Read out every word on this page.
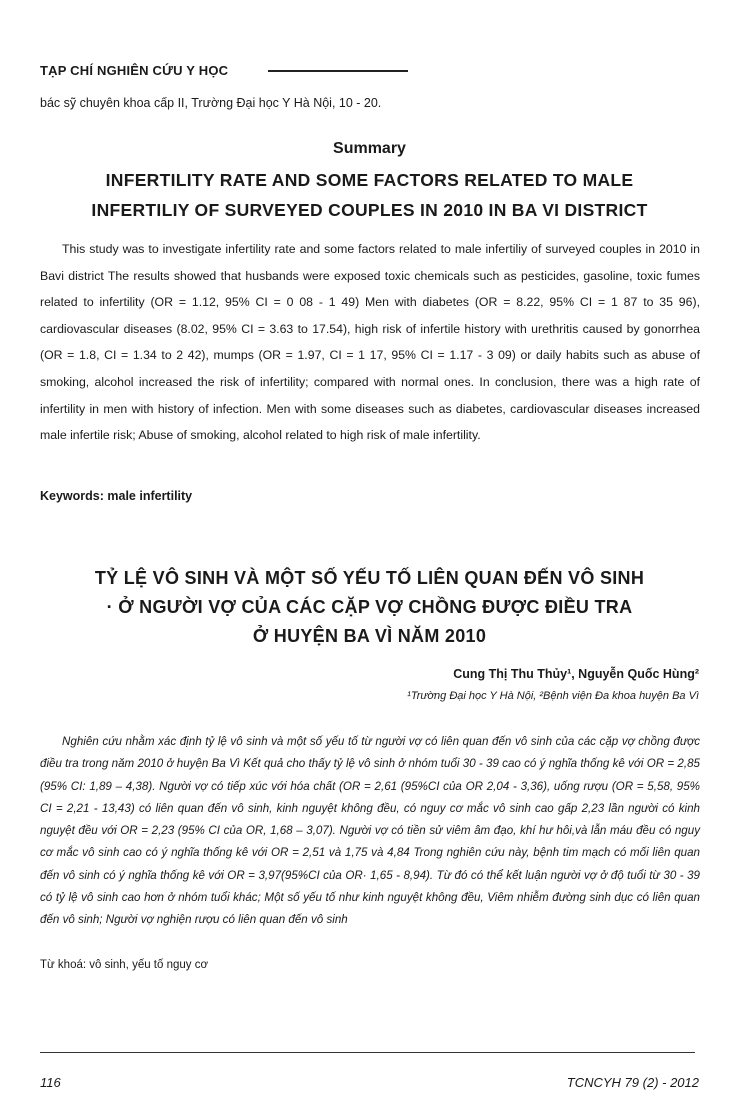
TẠP CHÍ NGHIÊN CỨU Y HỌC
bác sỹ chuyên khoa cấp II, Trường Đại học Y Hà Nội, 10 - 20.
Summary
INFERTILITY RATE AND SOME FACTORS RELATED TO MALE
INFERTILIY OF SURVEYED COUPLES IN 2010 IN BA VI DISTRICT

This study was to investigate infertility rate and some factors related to male infertiliy of surveyed couples in 2010 in Bavi district The results showed that husbands were exposed toxic chemicals such as pesticides, gasoline, toxic fumes related to infertility (OR = 1.12, 95% CI = 0 08 - 1 49) Men with diabetes (OR = 8.22, 95% CI = 1 87 to 35 96), cardiovascular diseases (8.02, 95% CI = 3.63 to 17.54), high risk of infertile history with urethritis caused by gonorrhea (OR = 1.8, CI = 1.34 to 2 42), mumps (OR = 1.97, CI = 1 17, 95% CI = 1.17 - 3 09) or daily habits such as abuse of smoking, alcohol increased the risk of infertility; compared with normal ones. In conclusion, there was a high rate of infertility in men with history of infection. Men with some diseases such as diabetes, cardiovascular diseases increased male infertile risk; Abuse of smoking, alcohol related to high risk of male infertility.

Keywords: male infertility
TỶ LỆ VÔ SINH VÀ MỘT SỐ YẾU TỐ LIÊN QUAN ĐẾN VÔ SINH
· Ở NGƯỜI VỢ CỦA CÁC CẶP VỢ CHỒNG ĐƯỢC ĐIỀU TRA
Ở HUYỆN BA VÌ NĂM 2010
Cung Thị Thu Thủy¹, Nguyễn Quốc Hùng²
¹Trường Đại học Y Hà Nội, ²Bệnh viện Đa khoa huyện Ba Vì

Nghiên cứu nhằm xác định tỷ lệ vô sinh và một số yếu tố từ người vợ có liên quan đến vô sinh của các cặp vợ chồng được điều tra trong năm 2010 ở huyện Ba Vì Kết quả cho thấy tỷ lệ vô sinh ở nhóm tuổi 30 - 39 cao có ý nghĩa thống kê với OR = 2,85 (95% CI: 1,89 – 4,38). Người vợ có tiếp xúc với hóa chất (OR = 2,61 (95%CI của OR 2,04 - 3,36), uống rượu (OR = 5,58, 95% CI = 2,21 - 13,43) có liên quan đến vô sinh, kinh nguyệt không đều, có nguy cơ mắc vô sinh cao gấp 2,23 lần người có kinh nguyệt đều với OR = 2,23 (95% CI của OR, 1,68 – 3,07). Người vợ có tiền sử viêm âm đạo, khí hư hôi,và lẫn máu đều có nguy cơ mắc vô sinh cao có ý nghĩa thống kê với OR = 2,51 và 1,75 và 4,84 Trong nghiên cứu này, bệnh tim mạch có mối liên quan đến vô sinh có ý nghĩa thống kê với OR = 3,97(95%CI của OR· 1,65 - 8,94). Từ đó có thể kết luận người vợ ở độ tuổi từ 30 - 39 có tỷ lệ vô sinh cao hơn ở nhóm tuổi khác; Một số yếu tố như kinh nguyệt không đều, Viêm nhiễm đường sinh dục có liên quan đến vô sinh; Người vợ nghiện rượu có liên quan đến vô sinh

Từ khoá: vô sinh, yếu tố nguy cơ
116	TCNCYH 79 (2) - 2012
